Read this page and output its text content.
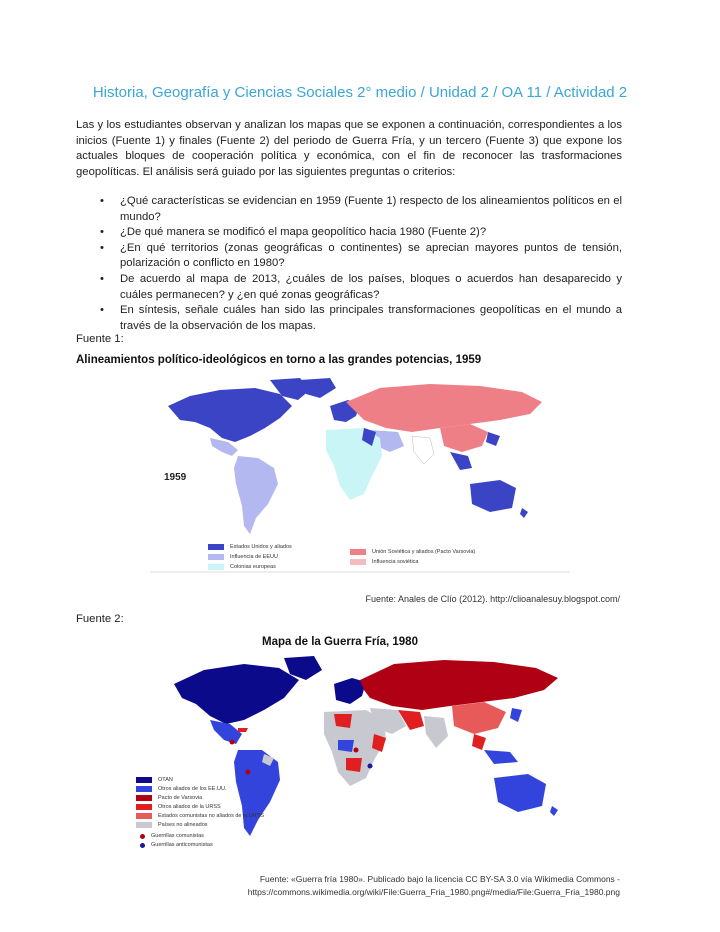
Historia, Geografía y Ciencias Sociales 2° medio / Unidad 2 / OA 11 / Actividad 2
Las y los estudiantes observan y analizan los mapas que se exponen a continuación, correspondientes a los inicios (Fuente 1) y finales (Fuente 2) del periodo de Guerra Fría, y un tercero (Fuente 3) que expone los actuales bloques de cooperación política y económica, con el fin de reconocer las trasformaciones geopolíticas. El análisis será guiado por las siguientes preguntas o criterios:
• ¿Qué características se evidencian en 1959 (Fuente 1) respecto de los alineamientos políticos en el mundo?
• ¿De qué manera se modificó el mapa geopolítico hacia 1980 (Fuente 2)?
• ¿En qué territorios (zonas geográficas o continentes) se aprecian mayores puntos de tensión, polarización o conflicto en 1980?
• De acuerdo al mapa de 2013, ¿cuáles de los países, bloques o acuerdos han desaparecido y cuáles permanecen? y ¿en qué zonas geográficas?
• En síntesis, señale cuáles han sido las principales transformaciones geopolíticas en el mundo a través de la observación de los mapas.
Fuente 1:
Alineamientos político-ideológicos en torno a las grandes potencias, 1959
1959
Estados Unidos y aliados
Influencia de EEUU
Colonias europeas
Unión Soviética y aliados (Pacto Varsovia)
Influencia soviética
Fuente: Anales de Clío (2012). http://clioanalesuy.blogspot.com/
Fuente 2:
Mapa de la Guerra Fría, 1980
OTAN
Otros aliados de los EE.UU.
Pacto de Varsovia
Otros aliados de la URSS
Estados comunistas no aliados de la URSS
Países no alineados
Guerrillas comunistas
Guerrillas anticomunistas
Fuente: «Guerra fría 1980». Publicado bajo la licencia CC BY-SA 3.0 vía Wikimedia Commons -
https://commons.wikimedia.org/wiki/File:Guerra_Fria_1980.png#/media/File:Guerra_Fria_1980.png
